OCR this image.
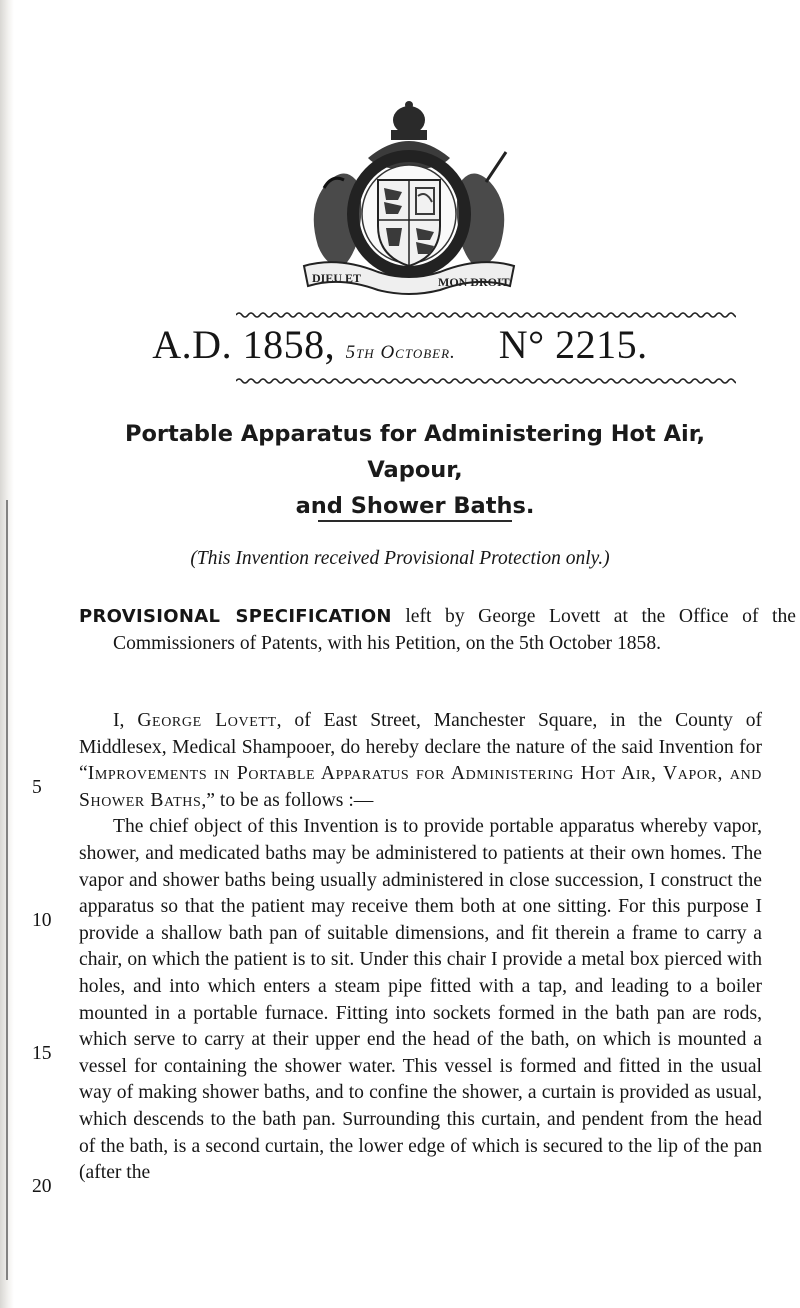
DIEU ET	MON DROIT
A.D. 1858, 5th October. N° 2215.
Portable Apparatus for Administering Hot Air, Vapour,
and Shower Baths.
(This Invention received Provisional Protection only.)
PROVISIONAL SPECIFICATION left by George Lovett at the Office of the Commissioners of Patents, with his Petition, on the 5th October 1858.

I, George Lovett, of East Street, Manchester Square, in the County of Middlesex, Medical Shampooer, do hereby declare the nature of the said Invention for “Improvements in Portable Apparatus for Administering Hot Air, Vapor, and Shower Baths,” to be as follows :—

The chief object of this Invention is to provide portable apparatus whereby vapor, shower, and medicated baths may be administered to patients at their own homes. The vapor and shower baths being usually administered in close succession, I construct the apparatus so that the patient may receive them both at one sitting. For this purpose I provide a shallow bath pan of suitable dimensions, and fit therein a frame to carry a chair, on which the patient is to sit. Under this chair I provide a metal box pierced with holes, and into which enters a steam pipe fitted with a tap, and leading to a boiler mounted in a portable furnace. Fitting into sockets formed in the bath pan are rods, which serve to carry at their upper end the head of the bath, on which is mounted a vessel for containing the shower water. This vessel is formed and fitted in the usual way of making shower baths, and to confine the shower, a curtain is provided as usual, which descends to the bath pan. Surrounding this curtain, and pendent from the head of the bath, is a second curtain, the lower edge of which is secured to the lip of the pan (after the

5
10
15
20
